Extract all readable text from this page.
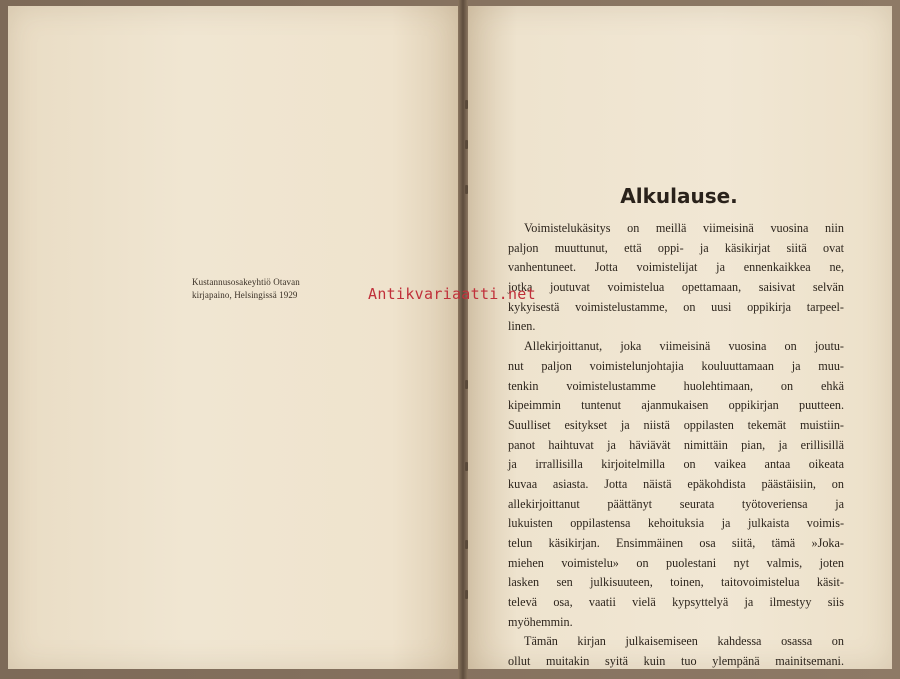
Kustannusosakeyhtiö Otavan
kirjapaino, Helsingissä 1929
Alkulause.
Voimistelukäsitys on meillä viimeisinä vuosina niin
paljon muuttunut, että oppi- ja käsikirjat siitä ovat
vanhentuneet. Jotta voimistelijat ja ennenkaikkea ne,
jotka joutuvat voimistelua opettamaan, saisivat selvän
kykyisestä voimistelustamme, on uusi oppikirja tarpeel-
linen.
Allekirjoittanut, joka viimeisinä vuosina on joutu-
nut paljon voimistelunjohtajia kouluuttamaan ja muu-
tenkin voimistelustamme huolehtimaan, on ehkä
kipeimmin tuntenut ajanmukaisen oppikirjan puutteen.
Suulliset esitykset ja niistä oppilasten tekemät muistiin-
panot haihtuvat ja häviävät nimittäin pian, ja erillisillä
ja irrallisilla kirjoitelmilla on vaikea antaa oikeata
kuvaa asiasta. Jotta näistä epäkohdista päästäisiin, on
allekirjoittanut päättänyt seurata työtoveriensa ja
lukuisten oppilastensa kehoituksia ja julkaista voimis-
telun käsikirjan. Ensimmäinen osa siitä, tämä »Joka-
miehen voimistelu» on puolestani nyt valmis, joten
lasken sen julkisuuteen, toinen, taitovoimistelua käsit-
televä osa, vaatii vielä kypsyttelyä ja ilmestyy siis
myöhemmin.
Tämän kirjan julkaisemiseen kahdessa osassa on
ollut muitakin syitä kuin tuo ylempänä mainitsemani.
Antikvariaatti.net
